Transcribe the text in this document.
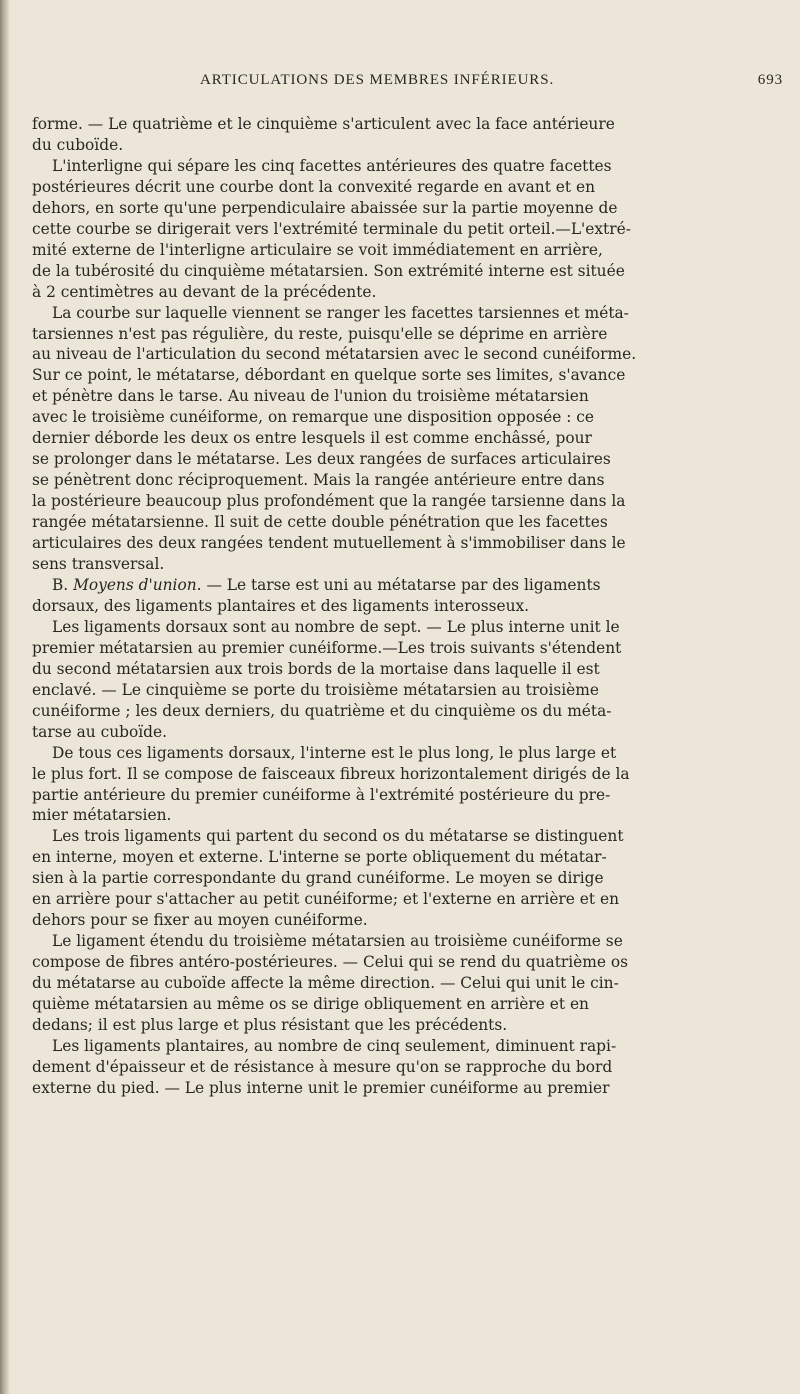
ARTICULATIONS DES MEMBRES INFÉRIEURS.	693
forme. — Le quatrième et le cinquième s'articulent avec la face antérieure
du cuboïde.
L'interligne qui sépare les cinq facettes antérieures des quatre facettes
postérieures décrit une courbe dont la convexité regarde en avant et en
dehors, en sorte qu'une perpendiculaire abaissée sur la partie moyenne de
cette courbe se dirigerait vers l'extrémité terminale du petit orteil.—L'extré-
mité externe de l'interligne articulaire se voit immédiatement en arrière,
de la tubérosité du cinquième métatarsien. Son extrémité interne est située
à 2 centimètres au devant de la précédente.
La courbe sur laquelle viennent se ranger les facettes tarsiennes et méta-
tarsiennes n'est pas régulière, du reste, puisqu'elle se déprime en arrière
au niveau de l'articulation du second métatarsien avec le second cunéiforme.
Sur ce point, le métatarse, débordant en quelque sorte ses limites, s'avance
et pénètre dans le tarse. Au niveau de l'union du troisième métatarsien
avec le troisième cunéiforme, on remarque une disposition opposée : ce
dernier déborde les deux os entre lesquels il est comme enchâssé, pour
se prolonger dans le métatarse. Les deux rangées de surfaces articulaires
se pénètrent donc réciproquement. Mais la rangée antérieure entre dans
la postérieure beaucoup plus profondément que la rangée tarsienne dans la
rangée métatarsienne. Il suit de cette double pénétration que les facettes
articulaires des deux rangées tendent mutuellement à s'immobiliser dans le
sens transversal.
B. Moyens d'union. — Le tarse est uni au métatarse par des ligaments
dorsaux, des ligaments plantaires et des ligaments interosseux.
Les ligaments dorsaux sont au nombre de sept. — Le plus interne unit le
premier métatarsien au premier cunéiforme.—Les trois suivants s'étendent
du second métatarsien aux trois bords de la mortaise dans laquelle il est
enclavé. — Le cinquième se porte du troisième métatarsien au troisième
cunéiforme ; les deux derniers, du quatrième et du cinquième os du méta-
tarse au cuboïde.
De tous ces ligaments dorsaux, l'interne est le plus long, le plus large et
le plus fort. Il se compose de faisceaux fibreux horizontalement dirigés de la
partie antérieure du premier cunéiforme à l'extrémité postérieure du pre-
mier métatarsien.
Les trois ligaments qui partent du second os du métatarse se distinguent
en interne, moyen et externe. L'interne se porte obliquement du métatar-
sien à la partie correspondante du grand cunéiforme. Le moyen se dirige
en arrière pour s'attacher au petit cunéiforme; et l'externe en arrière et en
dehors pour se fixer au moyen cunéiforme.
Le ligament étendu du troisième métatarsien au troisième cunéiforme se
compose de fibres antéro-postérieures. — Celui qui se rend du quatrième os
du métatarse au cuboïde affecte la même direction. — Celui qui unit le cin-
quième métatarsien au même os se dirige obliquement en arrière et en
dedans; il est plus large et plus résistant que les précédents.
Les ligaments plantaires, au nombre de cinq seulement, diminuent rapi-
dement d'épaisseur et de résistance à mesure qu'on se rapproche du bord
externe du pied. — Le plus interne unit le premier cunéiforme au premier
